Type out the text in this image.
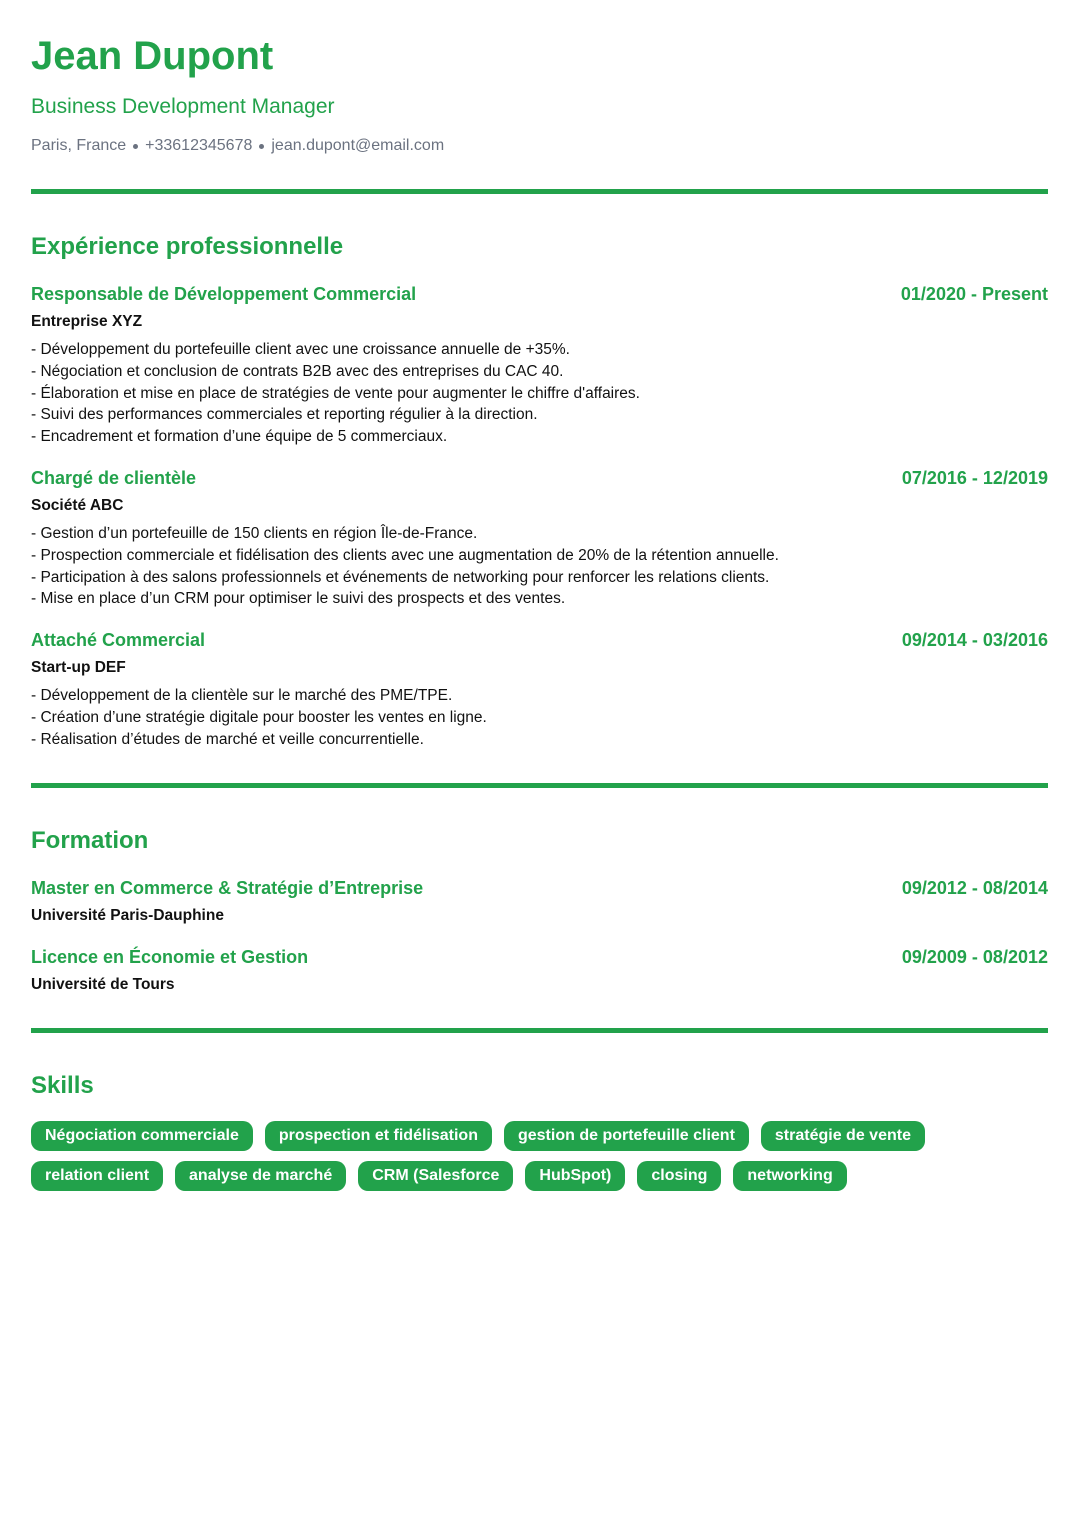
Jean Dupont
Business Development Manager
Paris, France +33612345678 jean.dupont@email.com
Expérience professionnelle
Responsable de Développement Commercial	01/2020 - Present
Entreprise XYZ
- Développement du portefeuille client avec une croissance annuelle de +35%.
- Négociation et conclusion de contrats B2B avec des entreprises du CAC 40.
- Élaboration et mise en place de stratégies de vente pour augmenter le chiffre d'affaires.
- Suivi des performances commerciales et reporting régulier à la direction.
- Encadrement et formation d’une équipe de 5 commerciaux.
Chargé de clientèle	07/2016 - 12/2019
Société ABC
- Gestion d’un portefeuille de 150 clients en région Île-de-France.
- Prospection commerciale et fidélisation des clients avec une augmentation de 20% de la rétention annuelle.
- Participation à des salons professionnels et événements de networking pour renforcer les relations clients.
- Mise en place d’un CRM pour optimiser le suivi des prospects et des ventes.
Attaché Commercial	09/2014 - 03/2016
Start-up DEF
- Développement de la clientèle sur le marché des PME/TPE.
- Création d’une stratégie digitale pour booster les ventes en ligne.
- Réalisation d’études de marché et veille concurrentielle.
Formation
Master en Commerce & Stratégie d’Entreprise	09/2012 - 08/2014
Université Paris-Dauphine
Licence en Économie et Gestion	09/2009 - 08/2012
Université de Tours
Skills
Négociation commerciale	prospection et fidélisation	gestion de portefeuille client	stratégie de vente
relation client	analyse de marché	CRM (Salesforce	HubSpot)	closing	networking
